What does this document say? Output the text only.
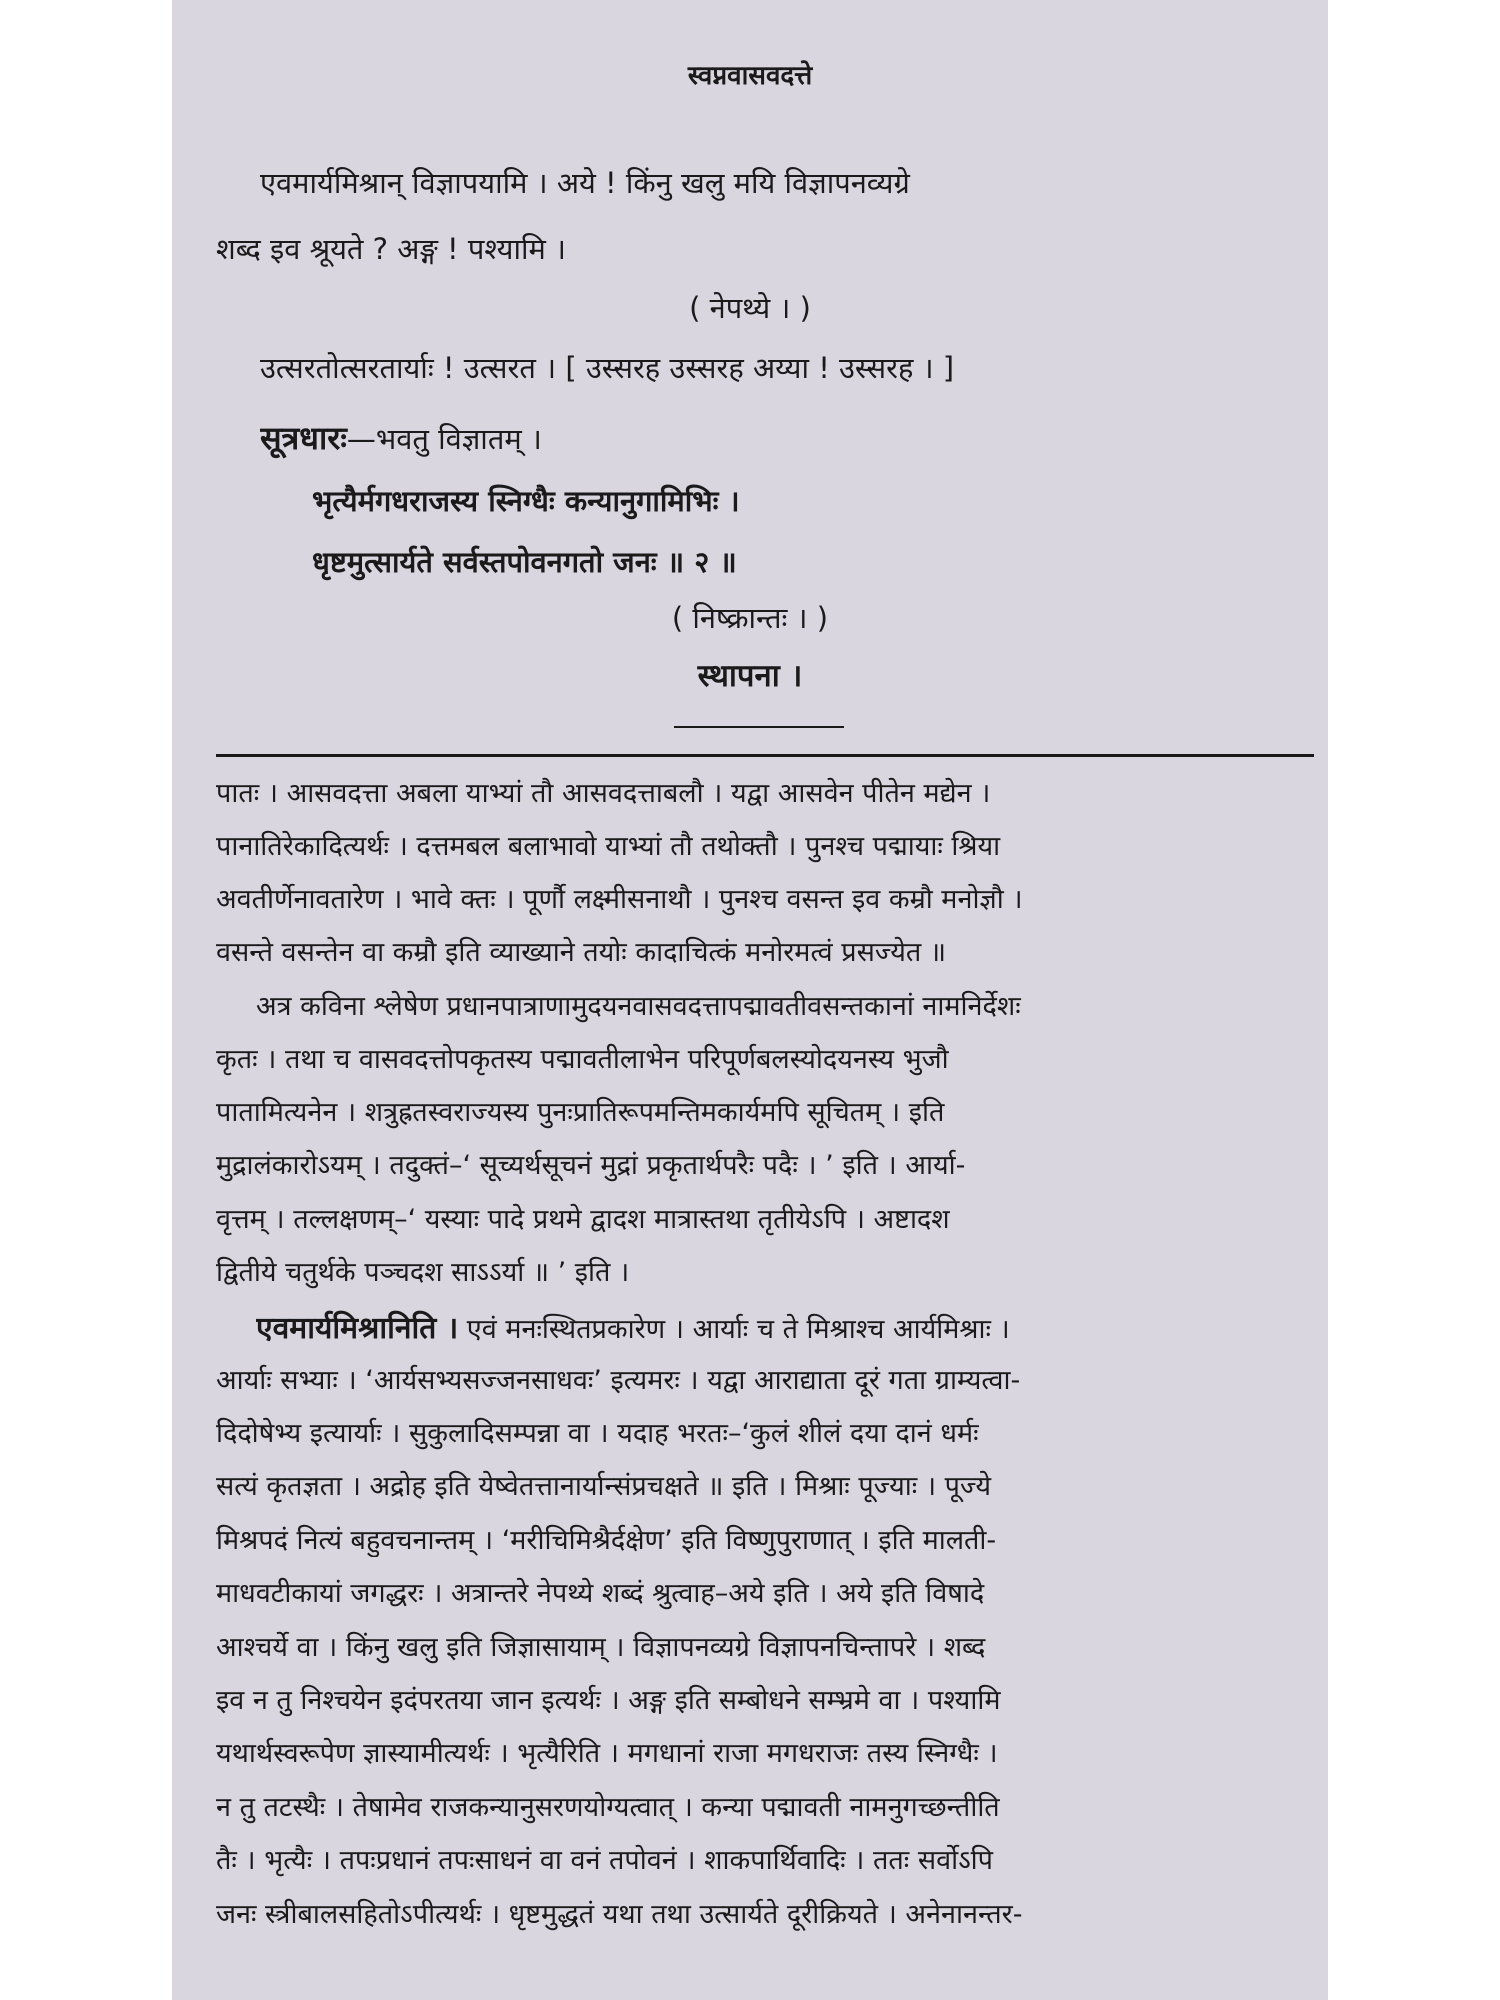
स्वप्नवासवदत्ते
एवमार्यमिश्रान् विज्ञापयामि । अये ! किंनु खलु मयि विज्ञापनव्यग्रे
शब्द इव श्रूयते ? अङ्ग ! पश्यामि ।
( नेपथ्ये । )
उत्सरतोत्सरतार्याः ! उत्सरत । [ उस्सरह उस्सरह अय्या ! उस्सरह । ]
सूत्रधारः—भवतु विज्ञातम् ।
भृत्यैर्मगधराजस्य स्निग्धैः कन्यानुगामिभिः ।
धृष्टमुत्सार्यते सर्वस्तपोवनगतो जनः ॥ २ ॥
( निष्क्रान्तः । )
स्थापना ।
पातः । आसवदत्ता अबला याभ्यां तौ आसवदत्ताबलौ । यद्वा आसवेन पीतेन मद्येन ।
पानातिरेकादित्यर्थः । दत्तमबल बलाभावो याभ्यां तौ तथोक्तौ । पुनश्च पद्मायाः श्रिया
अवतीर्णेनावतारेण । भावे क्तः । पूर्णौ लक्ष्मीसनाथौ । पुनश्च वसन्त इव कम्रौ मनोज्ञौ ।
वसन्ते वसन्तेन वा कम्रौ इति व्याख्याने तयोः कादाचित्कं मनोरमत्वं प्रसज्येत ॥
अत्र कविना श्लेषेण प्रधानपात्राणामुदयनवासवदत्तापद्मावतीवसन्तकानां नामनिर्देशः
कृतः । तथा च वासवदत्तोपकृतस्य पद्मावतीलाभेन परिपूर्णबलस्योदयनस्य भुजौ
पातामित्यनेन । शत्रुह्रतस्वराज्यस्य पुनःप्रातिरूपमन्तिमकार्यमपि सूचितम् । इति
मुद्रालंकारोऽयम् । तदुक्तं–‘ सूच्यर्थसूचनं मुद्रां प्रकृतार्थपरैः पदैः । ’ इति । आर्या-
वृत्तम् । तल्लक्षणम्–‘ यस्याः पादे प्रथमे द्वादश मात्रास्तथा तृतीयेऽपि । अष्टादश
द्वितीये चतुर्थके पञ्चदश साऽऽर्या ॥ ’ इति ।
एवमार्यमिश्रानिति । एवं मनःस्थितप्रकारेण । आर्याः च ते मिश्राश्च आर्यमिश्राः ।
आर्याः सभ्याः । ‘आर्यसभ्यसज्जनसाधवः’ इत्यमरः । यद्वा आराद्याता दूरं गता ग्राम्यत्वा-
दिदोषेभ्य इत्यार्याः । सुकुलादिसम्पन्ना वा । यदाह भरतः–‘कुलं शीलं दया दानं धर्मः
सत्यं कृतज्ञता । अद्रोह इति येष्वेतत्तानार्यान्संप्रचक्षते ॥ इति । मिश्राः पूज्याः । पूज्ये
मिश्रपदं नित्यं बहुवचनान्तम् । ‘मरीचिमिश्रैर्दक्षेण’ इति विष्णुपुराणात् । इति मालती-
माधवटीकायां जगद्धरः । अत्रान्तरे नेपथ्ये शब्दं श्रुत्वाह–अये इति । अये इति विषादे
आश्चर्ये वा । किंनु खलु इति जिज्ञासायाम् । विज्ञापनव्यग्रे विज्ञापनचिन्तापरे । शब्द
इव न तु निश्चयेन इदंपरतया जान इत्यर्थः । अङ्ग इति सम्बोधने सम्भ्रमे वा । पश्यामि
यथार्थस्वरूपेण ज्ञास्यामीत्यर्थः । भृत्यैरिति । मगधानां राजा मगधराजः तस्य स्निग्धैः ।
न तु तटस्थैः । तेषामेव राजकन्यानुसरणयोग्यत्वात् । कन्या पद्मावती नामनुगच्छन्तीति
तैः । भृत्यैः । तपःप्रधानं तपःसाधनं वा वनं तपोवनं । शाकपार्थिवादिः । ततः सर्वोऽपि
जनः स्त्रीबालसहितोऽपीत्यर्थः । धृष्टमुद्धतं यथा तथा उत्सार्यते दूरीक्रियते । अनेनानन्तर-
